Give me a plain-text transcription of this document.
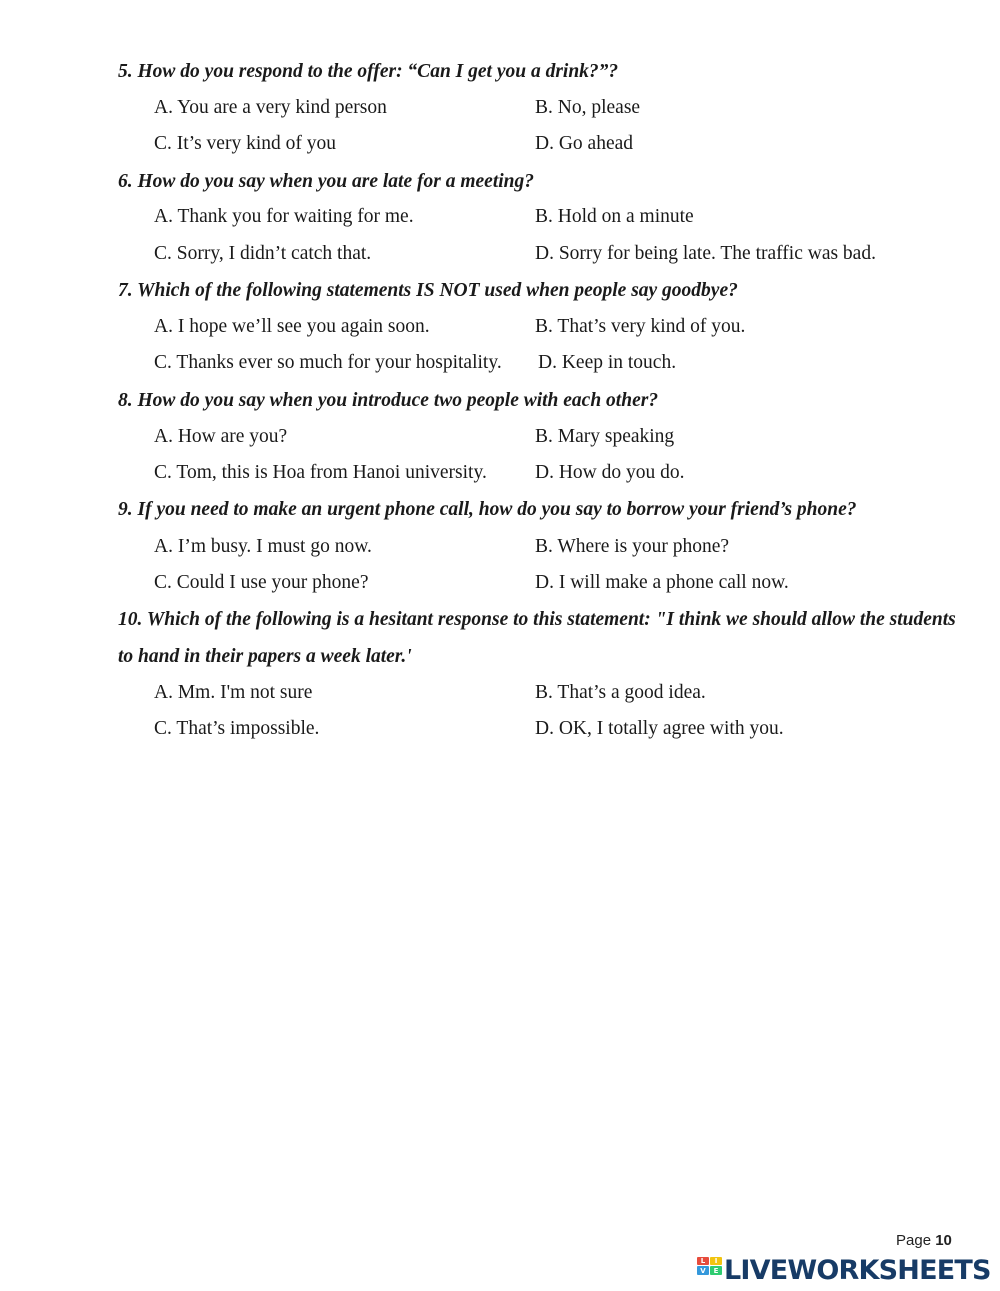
5. How do you respond to the offer: “Can I get you a drink?”?
A. You are a very kind person	B. No, please
C. It’s very kind of you	D. Go ahead
6. How do you say when you are late for a meeting?
A. Thank you for waiting for me.	B. Hold on a minute
C. Sorry, I didn’t catch that.	D. Sorry for being late. The traffic was bad.
7. Which of the following statements IS NOT used when people say goodbye?
A. I hope we’ll see you again soon.	B. That’s very kind of you.
C. Thanks ever so much for your hospitality. D. Keep in touch.
8. How do you say when you introduce two people with each other?
A. How are you?	B. Mary speaking
C. Tom, this is Hoa from Hanoi university. D. How do you do.
9. If you need to make an urgent phone call, how do you say to borrow your friend’s phone?
A. I’m busy. I must go now.	B. Where is your phone?
C. Could I use your phone?	D. I will make a phone call now.
10. Which of the following is a hesitant response to this statement: "I think we should allow the students to hand in their papers a week later.'
A. Mm. I'm not sure	B. That’s a good idea.
C. That’s impossible.	D. OK, I totally agree with you.
Page 10
L	I
V	E LIVEWORKSHEETS
